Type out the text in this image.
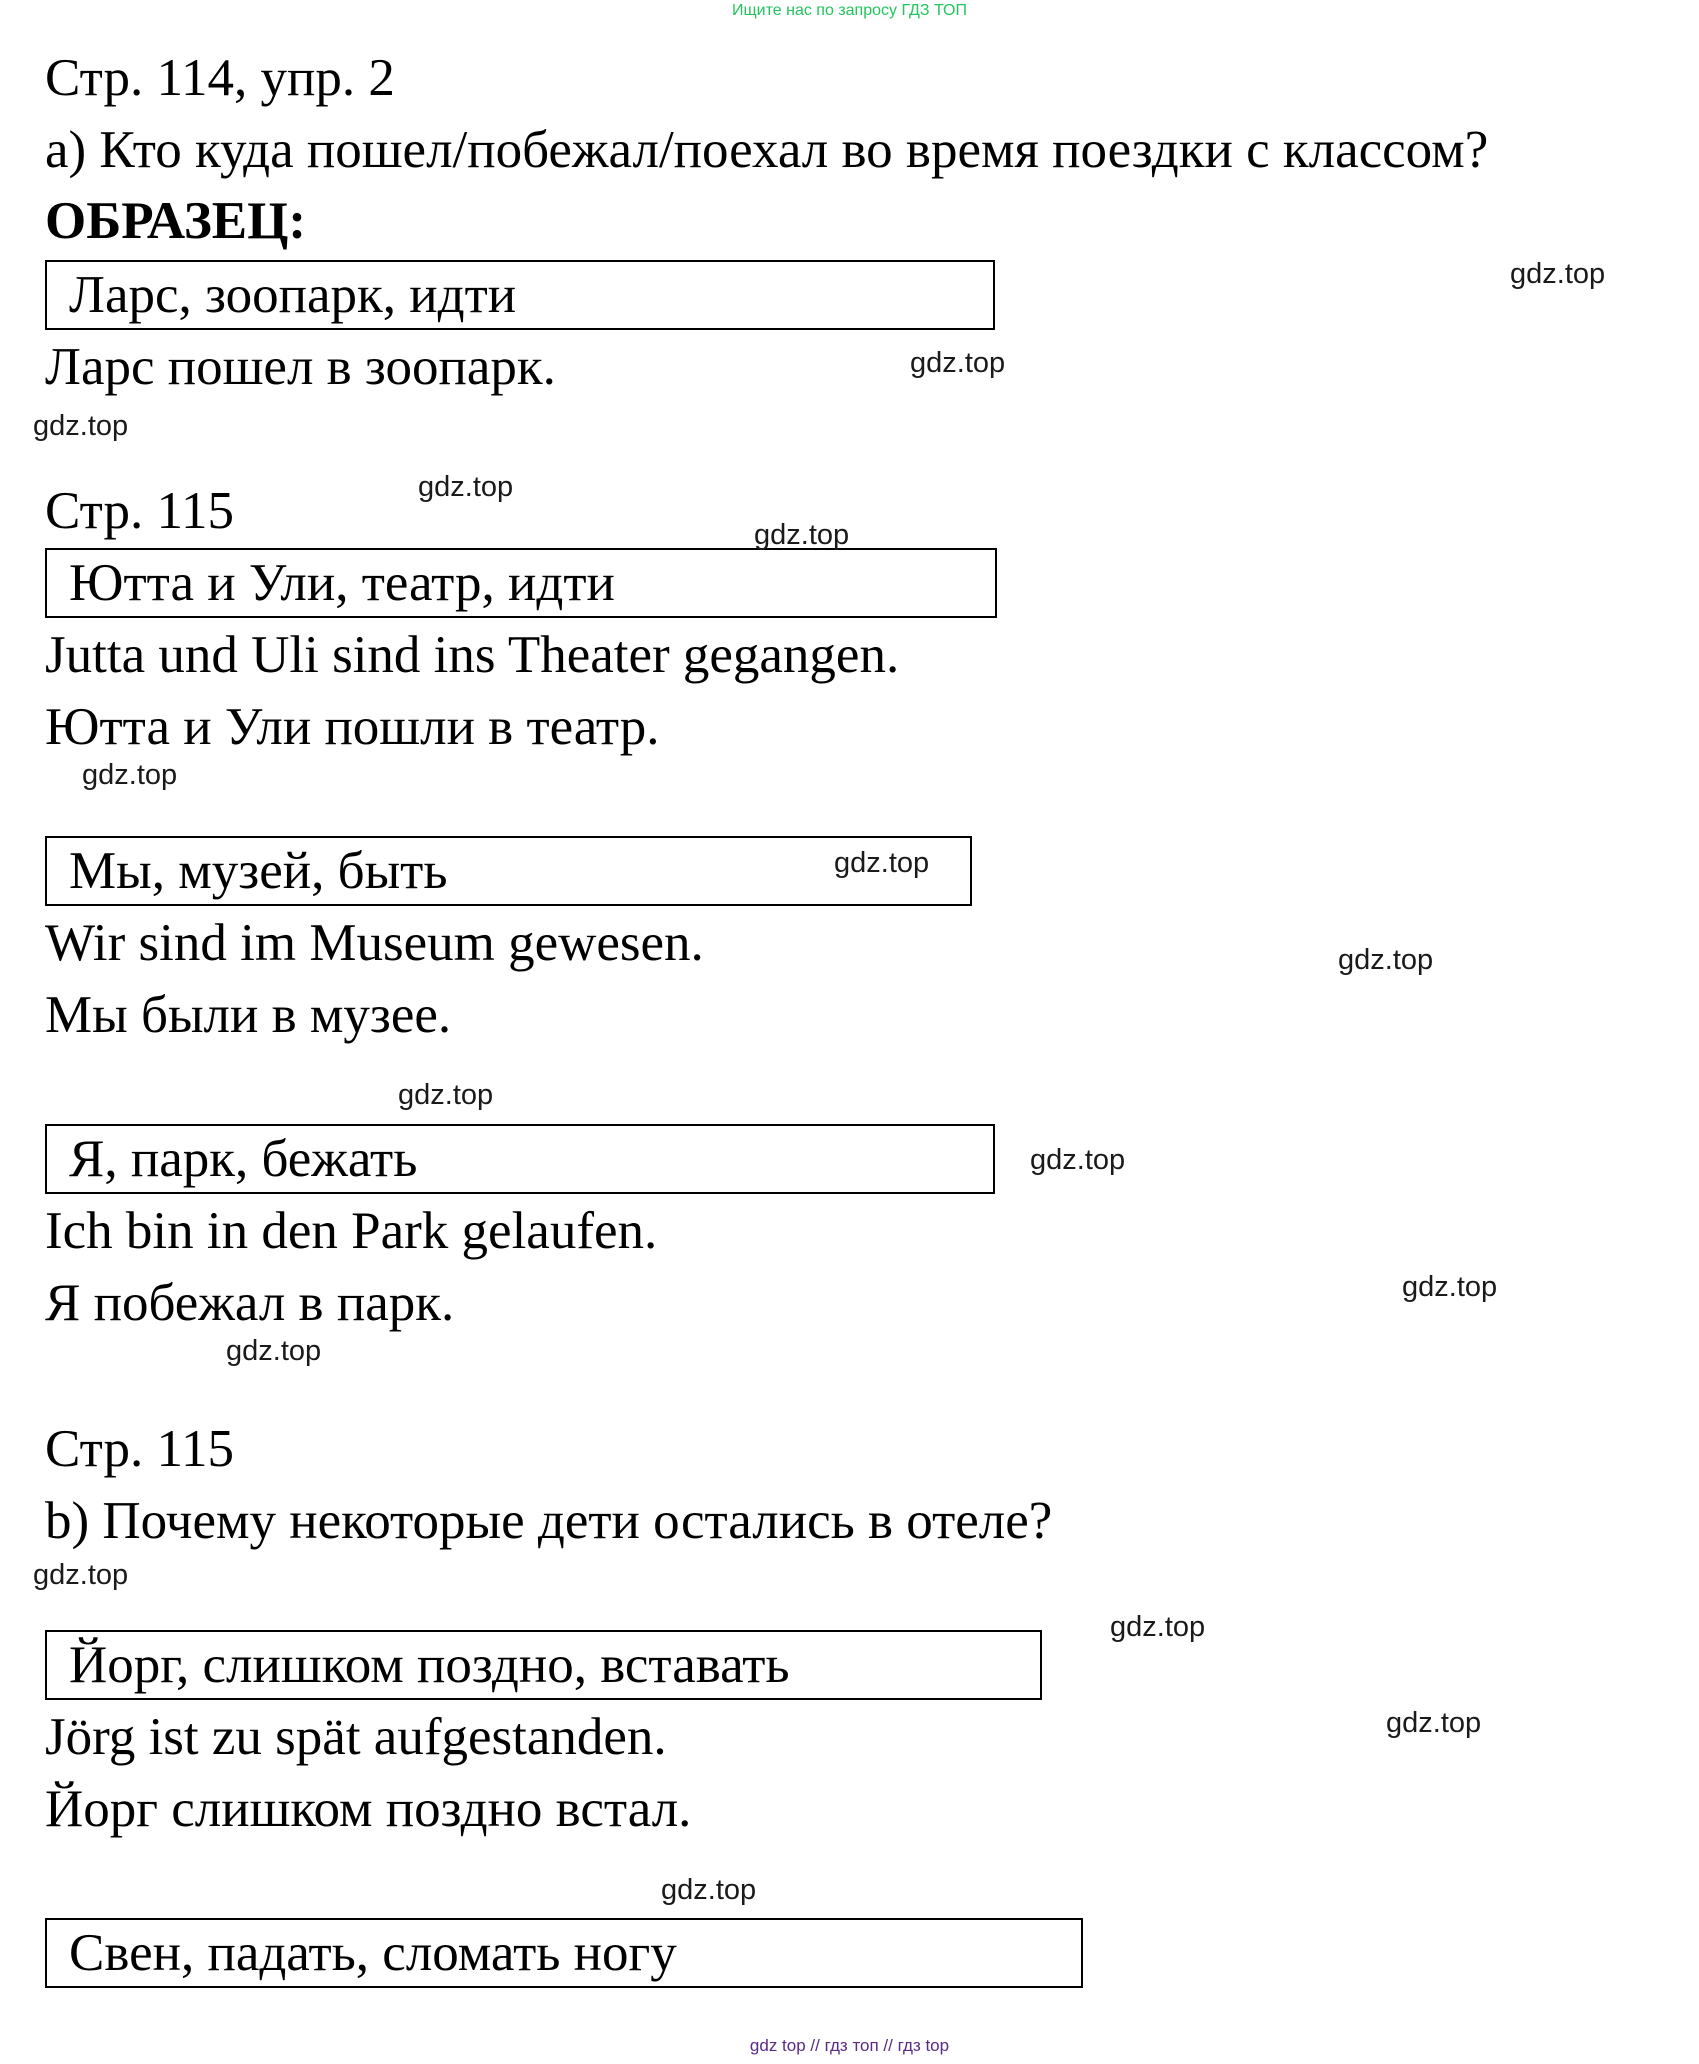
Ищите нас по запросу ГДЗ ТОП
Стр. 114, упр. 2
a) Кто куда пошел/побежал/поехал во время поездки с классом?
ОБРАЗЕЦ:
Ларс, зоопарк, идти
Ларс пошел в зоопарк.
Стр. 115
Ютта и Ули, театр, идти
Jutta und Uli sind ins Theater gegangen.
Ютта и Ули пошли в театр.
Мы, музей, быть
Wir sind im Museum gewesen.
Мы были в музее.
Я, парк, бежать
Ich bin in den Park gelaufen.
Я побежал в парк.
Стр. 115
b) Почему некоторые дети остались в отеле?
Йорг, слишком поздно, вставать
Jörg ist zu spät aufgestanden.
Йорг слишком поздно встал.
Свен, падать, сломать ногу
gdz.top
gdz.top
gdz.top
gdz.top
gdz.top
gdz.top
gdz.top
gdz.top
gdz.top
gdz.top
gdz.top
gdz.top
gdz.top
gdz.top
gdz.top
gdz.top
gdz top // гдз топ // гдз top
